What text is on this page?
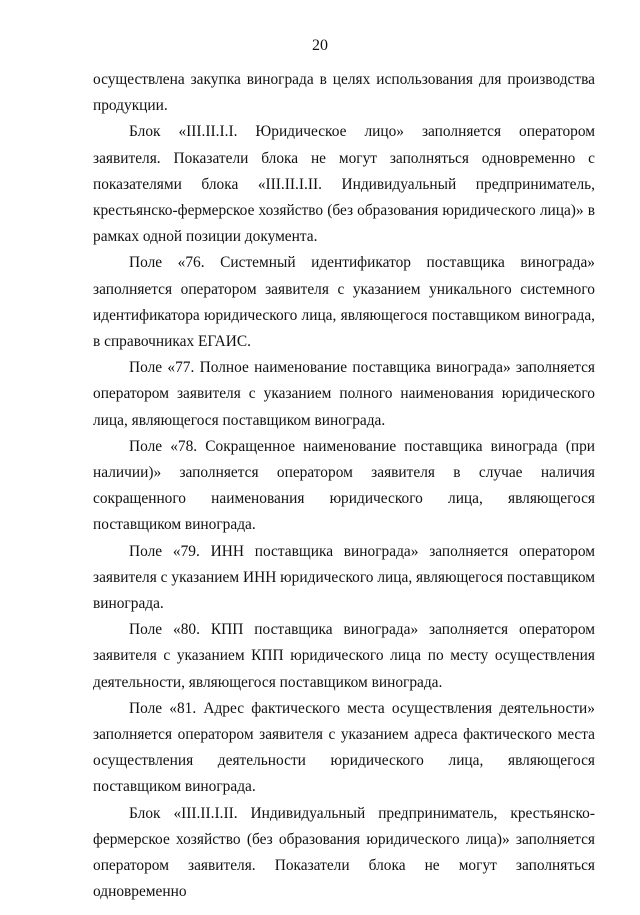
20

осуществлена закупка винограда в целях использования для производства продукции.

Блок «III.II.I.I. Юридическое лицо» заполняется оператором заявителя. Показатели блока не могут заполняться одновременно с показателями блока «III.II.I.II. Индивидуальный предприниматель, крестьянско-фермерское хозяйство (без образования юридического лица)» в рамках одной позиции документа.

Поле «76. Системный идентификатор поставщика винограда» заполняется оператором заявителя с указанием уникального системного идентификатора юридического лица, являющегося поставщиком винограда, в справочниках ЕГАИС.

Поле «77. Полное наименование поставщика винограда» заполняется оператором заявителя с указанием полного наименования юридического лица, являющегося поставщиком винограда.

Поле «78. Сокращенное наименование поставщика винограда (при наличии)» заполняется оператором заявителя в случае наличия сокращенного наименования юридического лица, являющегося поставщиком винограда.

Поле «79. ИНН поставщика винограда» заполняется оператором заявителя с указанием ИНН юридического лица, являющегося поставщиком винограда.

Поле «80. КПП поставщика винограда» заполняется оператором заявителя с указанием КПП юридического лица по месту осуществления деятельности, являющегося поставщиком винограда.

Поле «81. Адрес фактического места осуществления деятельности» заполняется оператором заявителя с указанием адреса фактического места осуществления деятельности юридического лица, являющегося поставщиком винограда.

Блок «III.II.I.II. Индивидуальный предприниматель, крестьянско-фермерское хозяйство (без образования юридического лица)» заполняется оператором заявителя. Показатели блока не могут заполняться одновременно
